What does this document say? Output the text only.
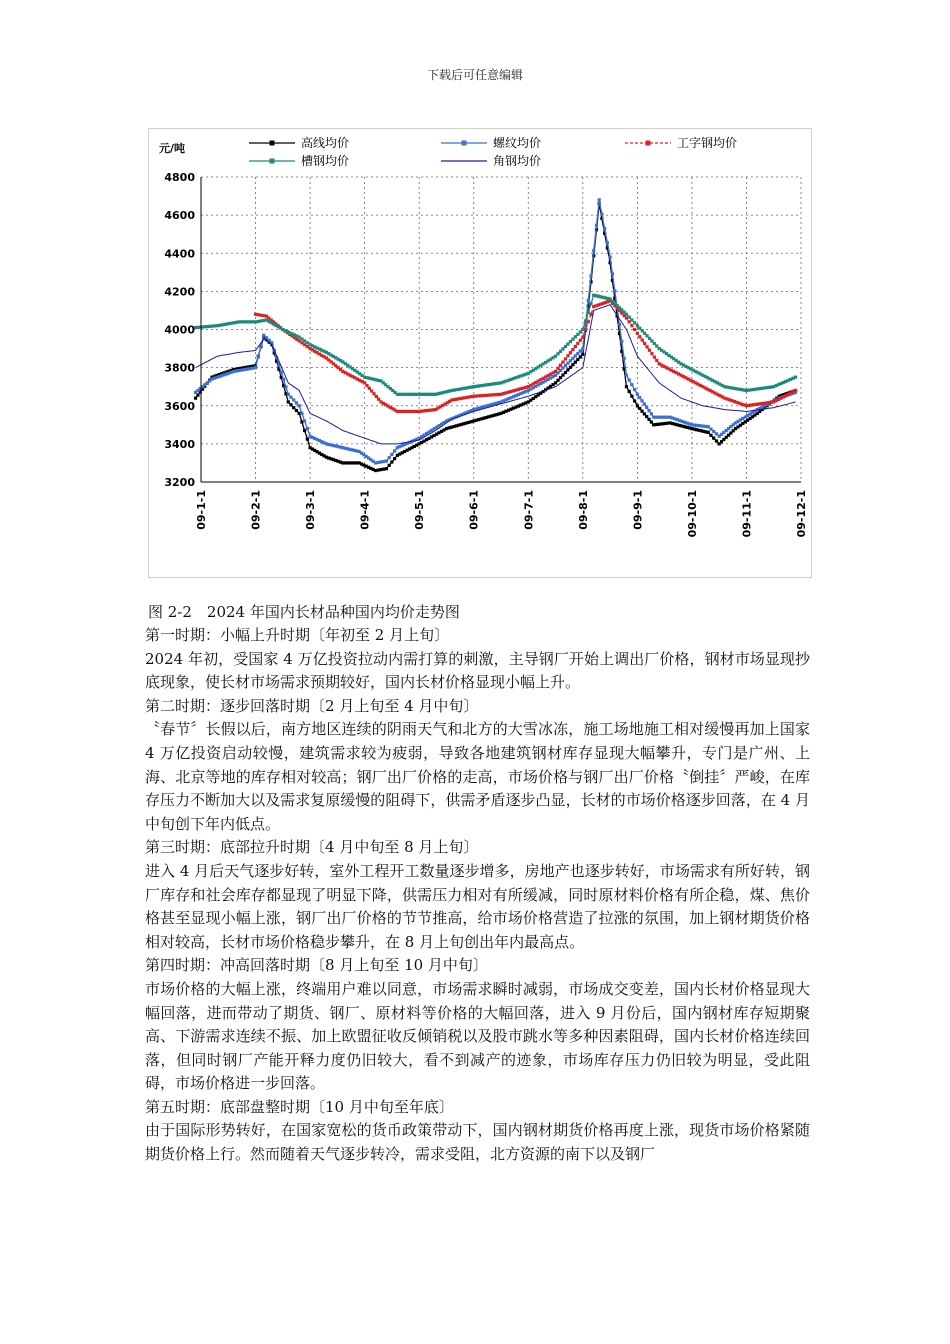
下载后可任意编辑
3200
3400
3600
3800
4000
4200
4400
4600
4800
09-1-1	09-2-1	09-3-1	09-4-1	09-5-1	09-6-1	09-7-1	09-8-1	09-9-1	09-10-1	09-11-1	09-12-1
高线均价	螺纹均价	工字钢均价
槽钢均价	角钢均价
元/吨
图 2-2　2024 年国内长材品种国内均价走势图

第一时期：小幅上升时期〔年初至 2 月上旬〕

2024 年初，受国家 4 万亿投资拉动内需打算的刺激，主导钢厂开始上调出厂价格，钢材市场显现抄底现象，使长材市场需求预期较好，国内长材价格显现小幅上升。

第二时期：逐步回落时期〔2 月上旬至 4 月中旬〕

〝春节〞长假以后，南方地区连续的阴雨天气和北方的大雪冰冻，施工场地施工相对缓慢再加上国家 4 万亿投资启动较慢，建筑需求较为疲弱，导致各地建筑钢材库存显现大幅攀升，专门是广州、上海、北京等地的库存相对较高；钢厂出厂价格的走高，市场价格与钢厂出厂价格〝倒挂〞严峻，在库存压力不断加大以及需求复原缓慢的阻碍下，供需矛盾逐步凸显，长材的市场价格逐步回落，在 4 月中旬创下年内低点。

第三时期：底部拉升时期〔4 月中旬至 8 月上旬〕

进入 4 月后天气逐步好转，室外工程开工数量逐步增多，房地产也逐步转好，市场需求有所好转，钢厂库存和社会库存都显现了明显下降，供需压力相对有所缓减，同时原材料价格有所企稳，煤、焦价格甚至显现小幅上涨，钢厂出厂价格的节节推高，给市场价格营造了拉涨的氛围，加上钢材期货价格相对较高，长材市场价格稳步攀升，在 8 月上旬创出年内最高点。

第四时期：冲高回落时期〔8 月上旬至 10 月中旬〕

市场价格的大幅上涨，终端用户难以同意，市场需求瞬时减弱，市场成交变差，国内长材价格显现大幅回落，进而带动了期货、钢厂、原材料等价格的大幅回落，进入 9 月份后，国内钢材库存短期聚高、下游需求连续不振、加上欧盟征收反倾销税以及股市跳水等多种因素阻碍，国内长材价格连续回落，但同时钢厂产能开释力度仍旧较大，看不到减产的迹象，市场库存压力仍旧较为明显，受此阻碍，市场价格进一步回落。

第五时期：底部盘整时期〔10 月中旬至年底〕

由于国际形势转好，在国家宽松的货币政策带动下，国内钢材期货价格再度上涨，现货市场价格紧随期货价格上行。然而随着天气逐步转冷，需求受阻，北方资源的南下以及钢厂
